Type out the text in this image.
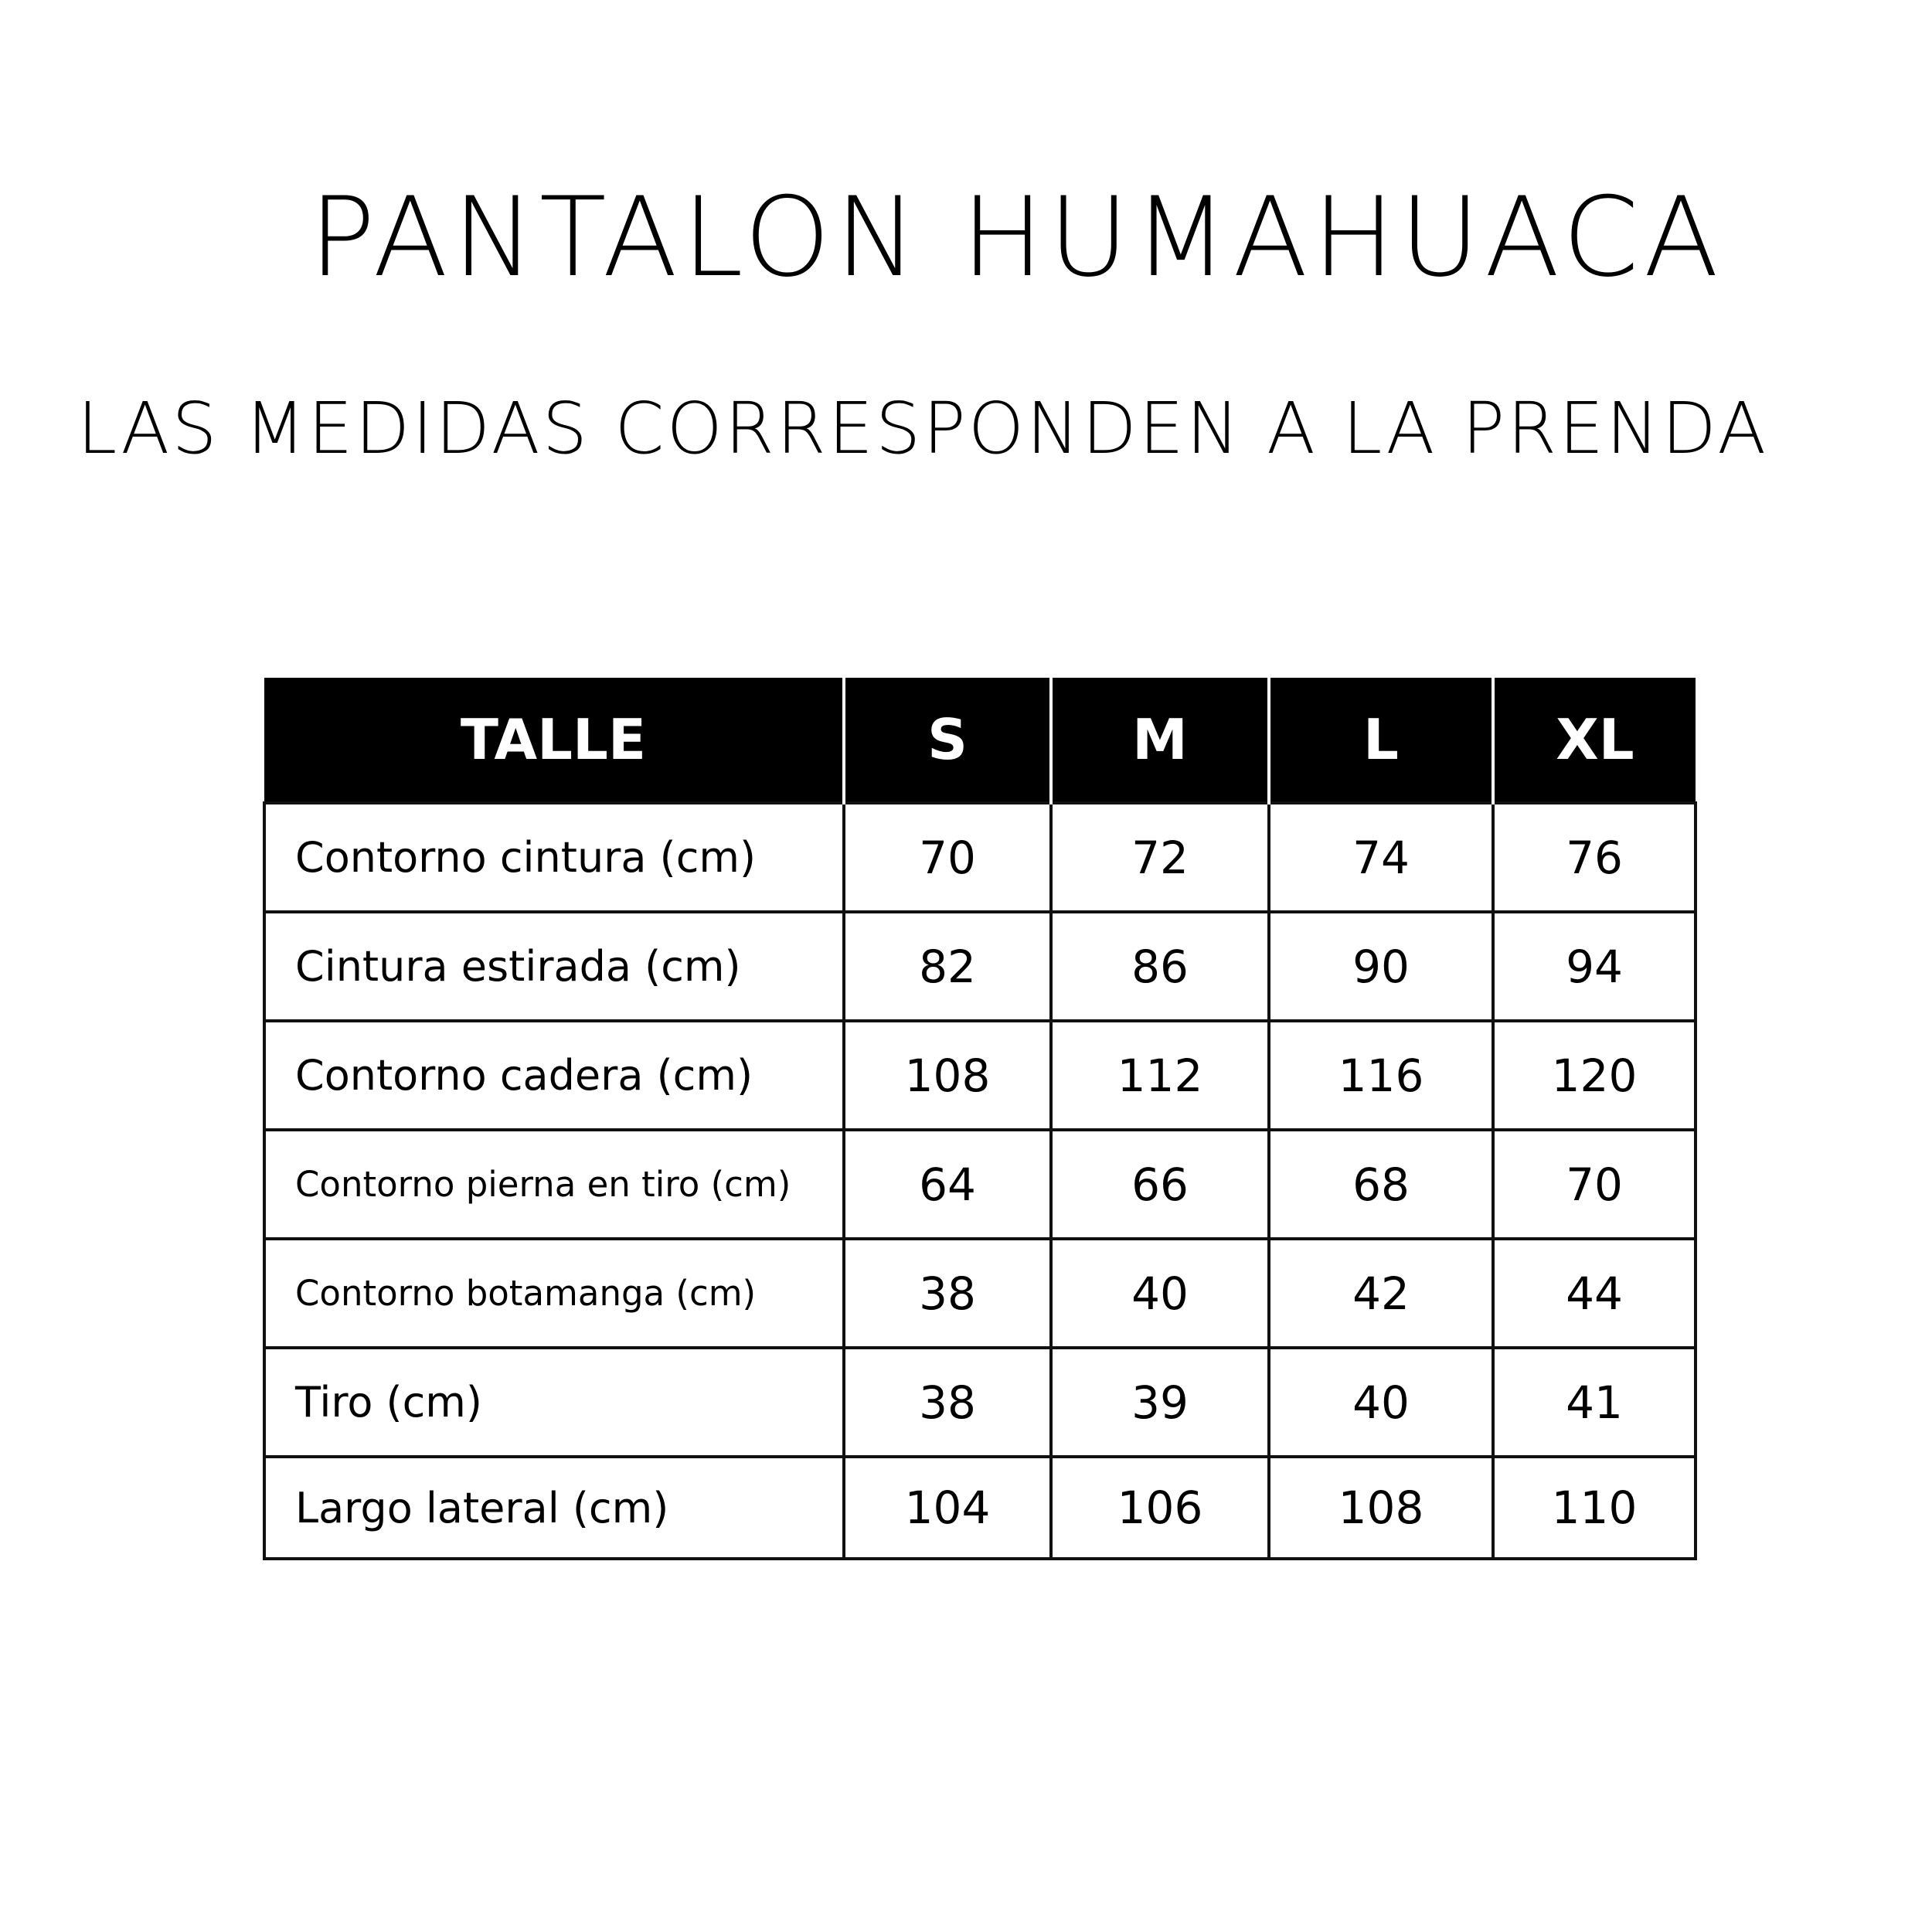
PANTALON HUMAHUACA
LAS MEDIDAS CORRESPONDEN A LA PRENDA
TALLE	S	M	L	XL
Contorno cintura (cm)	70	72	74	76
Cintura estirada (cm)	82	86	90	94
Contorno cadera (cm)	108	112	116	120
Contorno pierna en tiro (cm)	64	66	68	70
Contorno botamanga (cm)	38	40	42	44
Tiro (cm)	38	39	40	41
Largo lateral (cm)	104	106	108	110
